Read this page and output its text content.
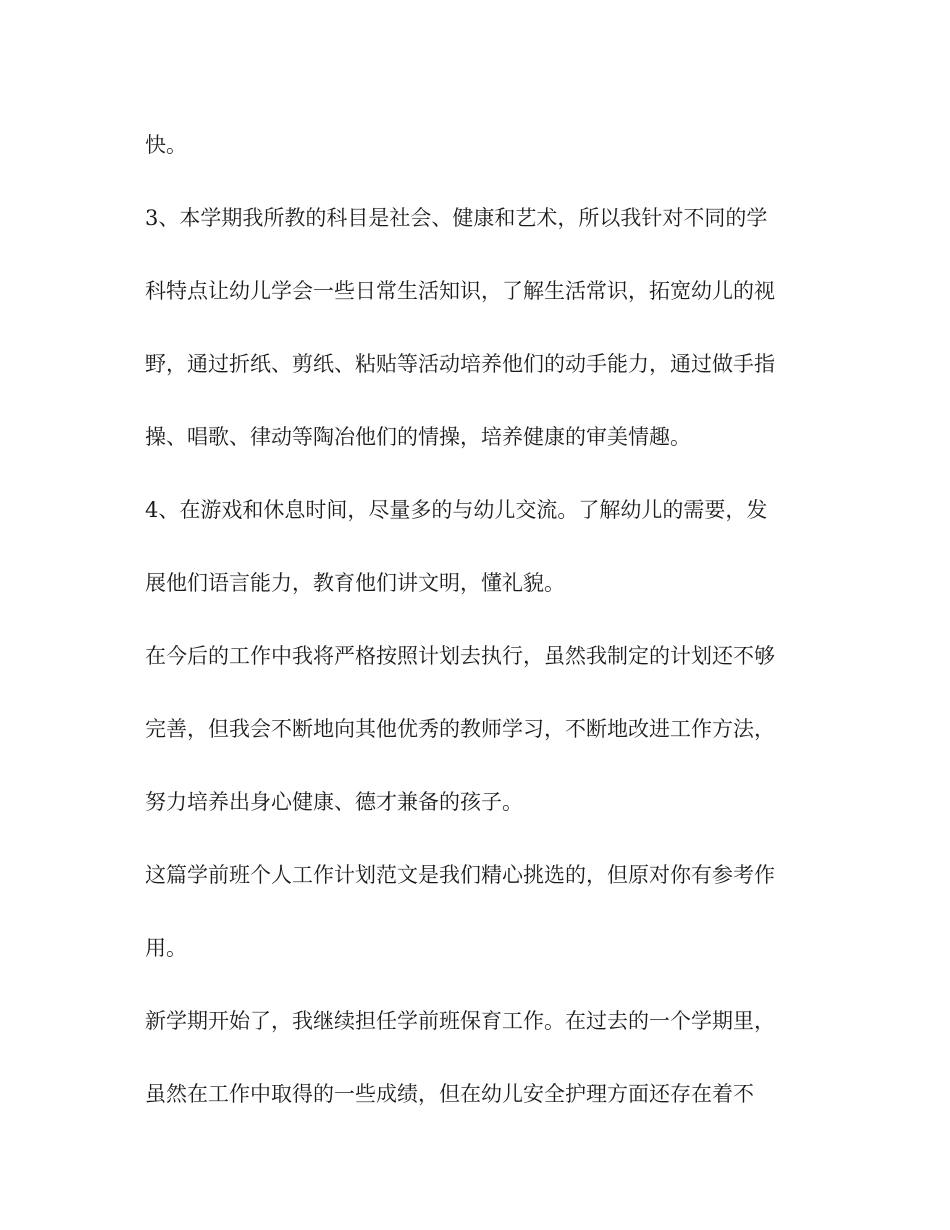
快。
3、本学期我所教的科目是社会、健康和艺术，所以我针对不同的学
科特点让幼儿学会一些日常生活知识，了解生活常识，拓宽幼儿的视
野，通过折纸、剪纸、粘贴等活动培养他们的动手能力，通过做手指
操、唱歌、律动等陶冶他们的情操，培养健康的审美情趣。
4、在游戏和休息时间，尽量多的与幼儿交流。了解幼儿的需要，发
展他们语言能力，教育他们讲文明，懂礼貌。
在今后的工作中我将严格按照计划去执行，虽然我制定的计划还不够
完善，但我会不断地向其他优秀的教师学习，不断地改进工作方法，
努力培养出身心健康、德才兼备的孩子。
这篇学前班个人工作计划范文是我们精心挑选的，但原对你有参考作
用。
新学期开始了，我继续担任学前班保育工作。在过去的一个学期里，
虽然在工作中取得的一些成绩，但在幼儿安全护理方面还存在着不
